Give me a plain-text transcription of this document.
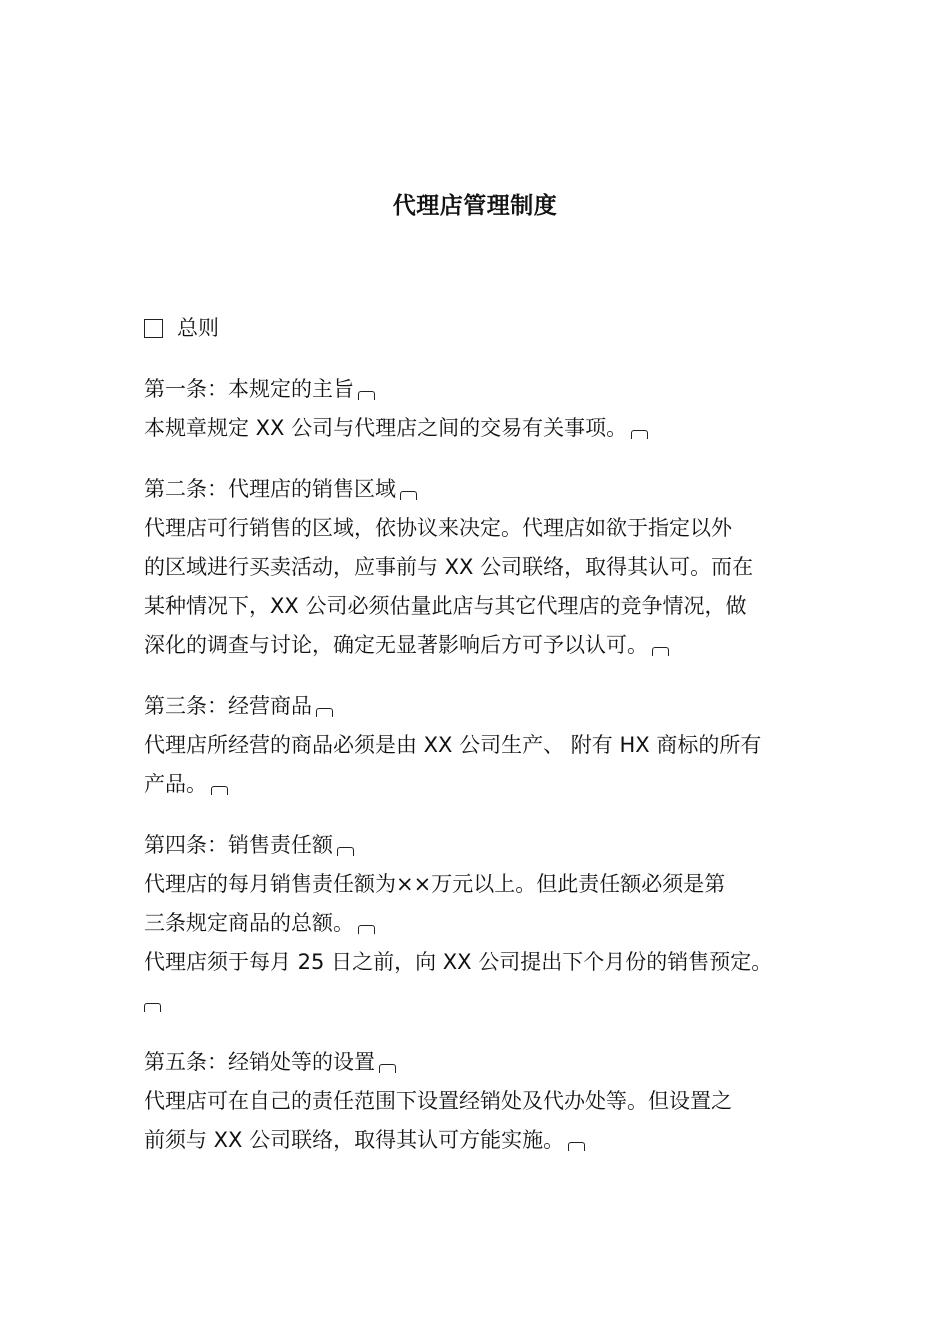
代理店管理制度
总则
第一条：本规定的主旨
本规章规定 XX 公司与代理店之间的交易有关事项。
第二条：代理店的销售区域
代理店可行销售的区域，依协议来决定。代理店如欲于指定以外
的区域进行买卖活动，应事前与 XX 公司联络，取得其认可。而在
某种情况下，XX 公司必须估量此店与其它代理店的竞争情况，做
深化的调查与讨论，确定无显著影响后方可予以认可。
第三条：经营商品
代理店所经营的商品必须是由 XX 公司生产、 附有 HX 商标的所有
产品。
第四条：销售责任额
代理店的每月销售责任额为××万元以上。但此责任额必须是第
三条规定商品的总额。
代理店须于每月 25 日之前，向 XX 公司提出下个月份的销售预定。
第五条：经销处等的设置
代理店可在自己的责任范围下设置经销处及代办处等。但设置之
前须与 XX 公司联络，取得其认可方能实施。
